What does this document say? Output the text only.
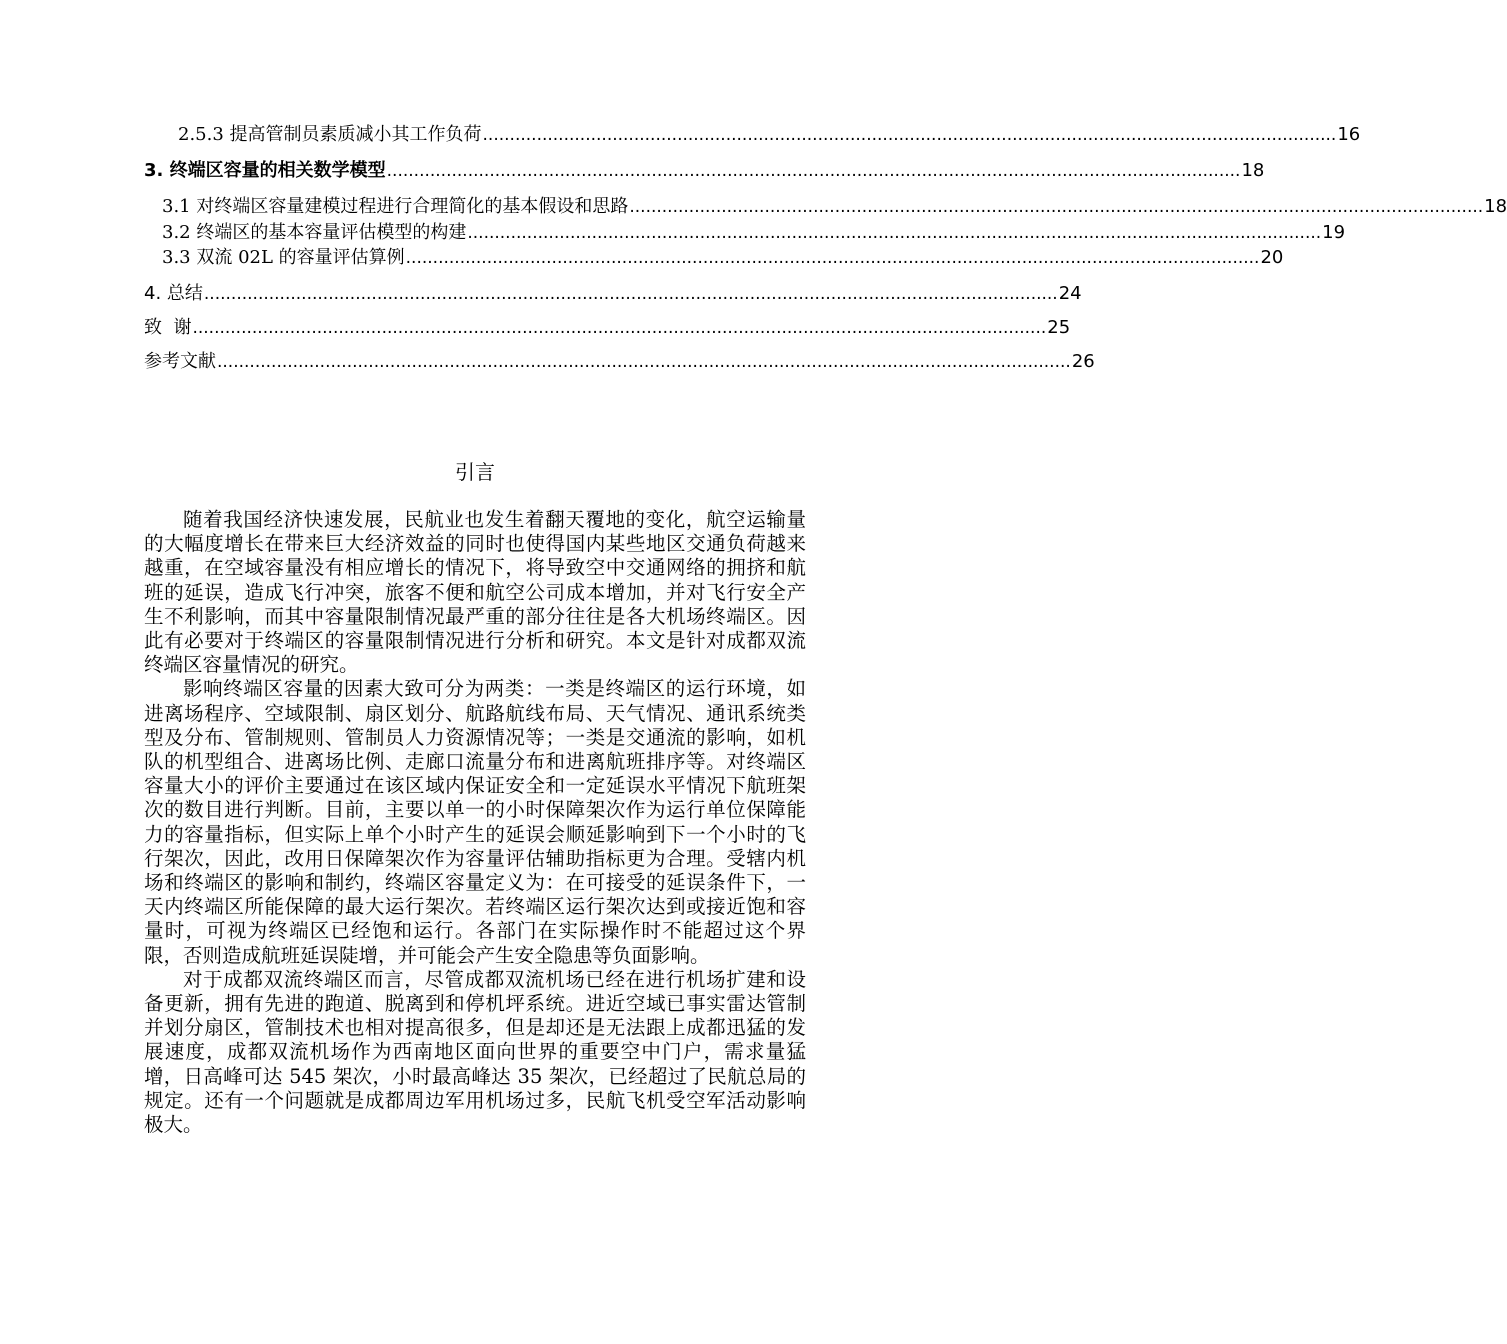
2.5.3 提高管制员素质减小其工作负荷 .............................................................................................................................................................. 16
3. 终端区容量的相关数学模型 .............................................................................................................................................................. 18
3.1 对终端区容量建模过程进行合理简化的基本假设和思路 .............................................................................................................................................................. 18
3.2 终端区的基本容量评估模型的构建 .............................................................................................................................................................. 19
3.3 双流 02L 的容量评估算例 .............................................................................................................................................................. 20
4. 总结 .............................................................................................................................................................. 24
致  谢 .............................................................................................................................................................. 25
参考文献 .............................................................................................................................................................. 26
引言

随着我国经济快速发展，民航业也发生着翻天覆地的变化，航空运输量的大幅度增长在带来巨大经济效益的同时也使得国内某些地区交通负荷越来越重，在空域容量没有相应增长的情况下，将导致空中交通网络的拥挤和航班的延误，造成飞行冲突，旅客不便和航空公司成本增加，并对飞行安全产生不利影响，而其中容量限制情况最严重的部分往往是各大机场终端区。因此有必要对于终端区的容量限制情况进行分析和研究。本文是针对成都双流终端区容量情况的研究。

影响终端区容量的因素大致可分为两类：一类是终端区的运行环境，如进离场程序、空域限制、扇区划分、航路航线布局、天气情况、通讯系统类型及分布、管制规则、管制员人力资源情况等；一类是交通流的影响，如机队的机型组合、进离场比例、走廊口流量分布和进离航班排序等。对终端区容量大小的评价主要通过在该区域内保证安全和一定延误水平情况下航班架次的数目进行判断。目前，主要以单一的小时保障架次作为运行单位保障能力的容量指标，但实际上单个小时产生的延误会顺延影响到下一个小时的飞行架次，因此，改用日保障架次作为容量评估辅助指标更为合理。受辖内机场和终端区的影响和制约，终端区容量定义为：在可接受的延误条件下，一天内终端区所能保障的最大运行架次。若终端区运行架次达到或接近饱和容量时，可视为终端区已经饱和运行。各部门在实际操作时不能超过这个界限，否则造成航班延误陡增，并可能会产生安全隐患等负面影响。

对于成都双流终端区而言，尽管成都双流机场已经在进行机场扩建和设备更新，拥有先进的跑道、脱离到和停机坪系统。进近空域已事实雷达管制并划分扇区，管制技术也相对提高很多，但是却还是无法跟上成都迅猛的发展速度，成都双流机场作为西南地区面向世界的重要空中门户，需求量猛增，日高峰可达 545 架次，小时最高峰达 35 架次，已经超过了民航总局的规定。还有一个问题就是成都周边军用机场过多，民航飞机受空军活动影响极大。
